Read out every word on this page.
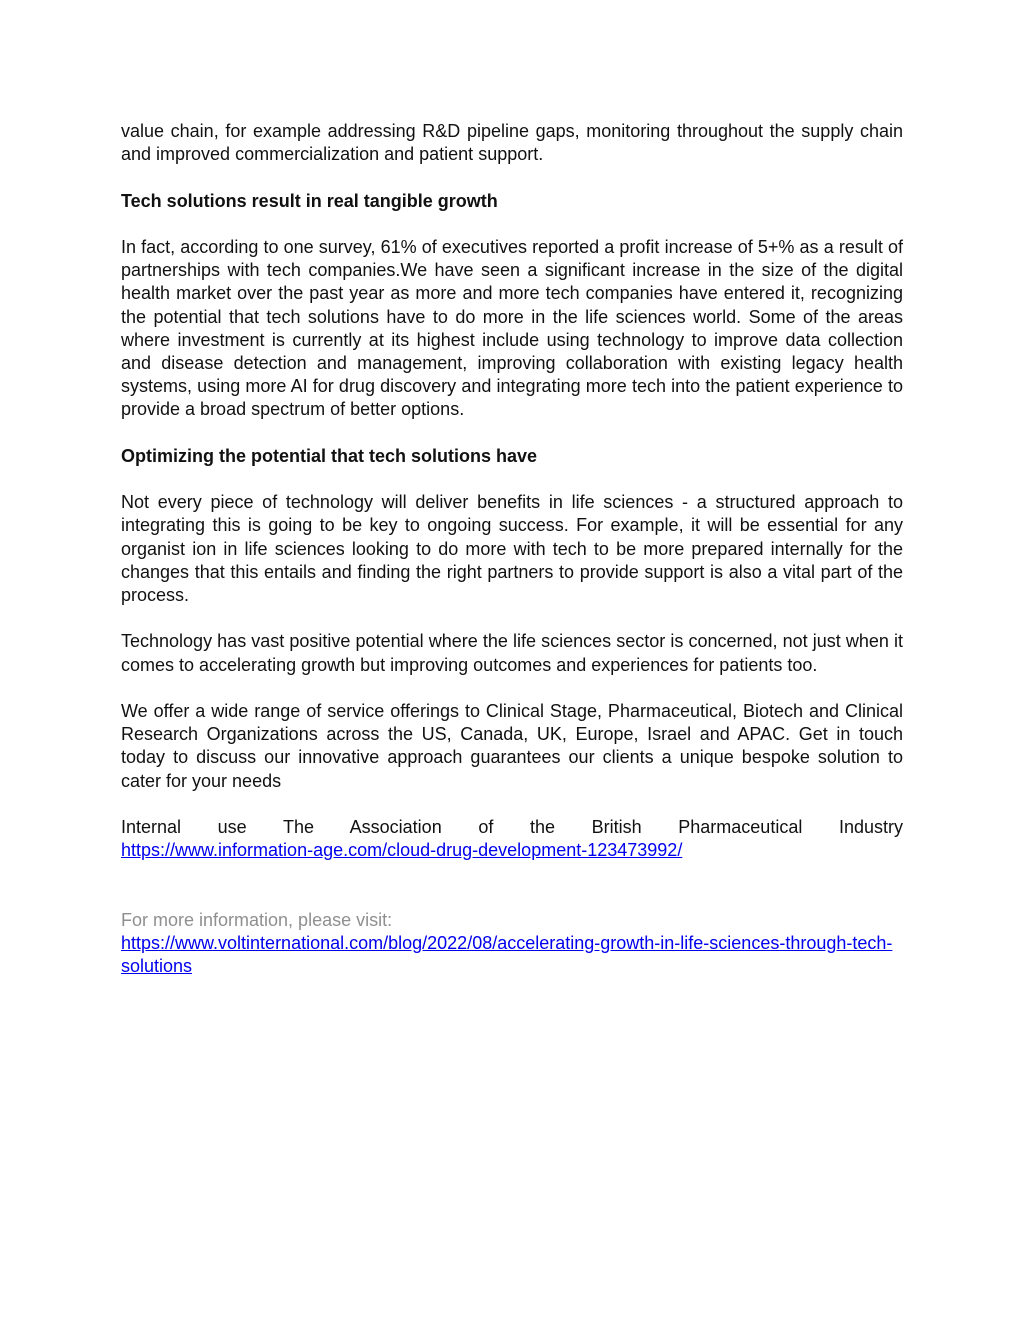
value chain, for example addressing R&D pipeline gaps, monitoring throughout the supply chain and improved commercialization and patient support.

Tech solutions result in real tangible growth

In fact, according to one survey, 61% of executives reported a profit increase of 5+% as a result of partnerships with tech companies.We have seen a significant increase in the size of the digital health market over the past year as more and more tech companies have entered it, recognizing the potential that tech solutions have to do more in the life sciences world. Some of the areas where investment is currently at its highest include using technology to improve data collection and disease detection and management, improving collaboration with existing legacy health systems, using more AI for drug discovery and integrating more tech into the patient experience to provide a broad spectrum of better options.

Optimizing the potential that tech solutions have

Not every piece of technology will deliver benefits in life sciences - a structured approach to integrating this is going to be key to ongoing success. For example, it will be essential for any organist ion in life sciences looking to do more with tech to be more prepared internally for the changes that this entails and finding the right partners to provide support is also a vital part of the process.

Technology has vast positive potential where the life sciences sector is concerned, not just when it comes to accelerating growth but improving outcomes and experiences for patients too.

We offer a wide range of service offerings to Clinical Stage, Pharmaceutical, Biotech and Clinical Research Organizations across the US, Canada, UK, Europe, Israel and APAC. Get in touch today to discuss our innovative approach guarantees our clients a unique bespoke solution to cater for your needs

Internal use The Association of the British Pharmaceutical Industry

https://www.information-age.com/cloud-drug-development-123473992/

For more information, please visit:

https://www.voltinternational.com/blog/2022/08/accelerating-growth-in-life-sciences-through-tech-solutions
